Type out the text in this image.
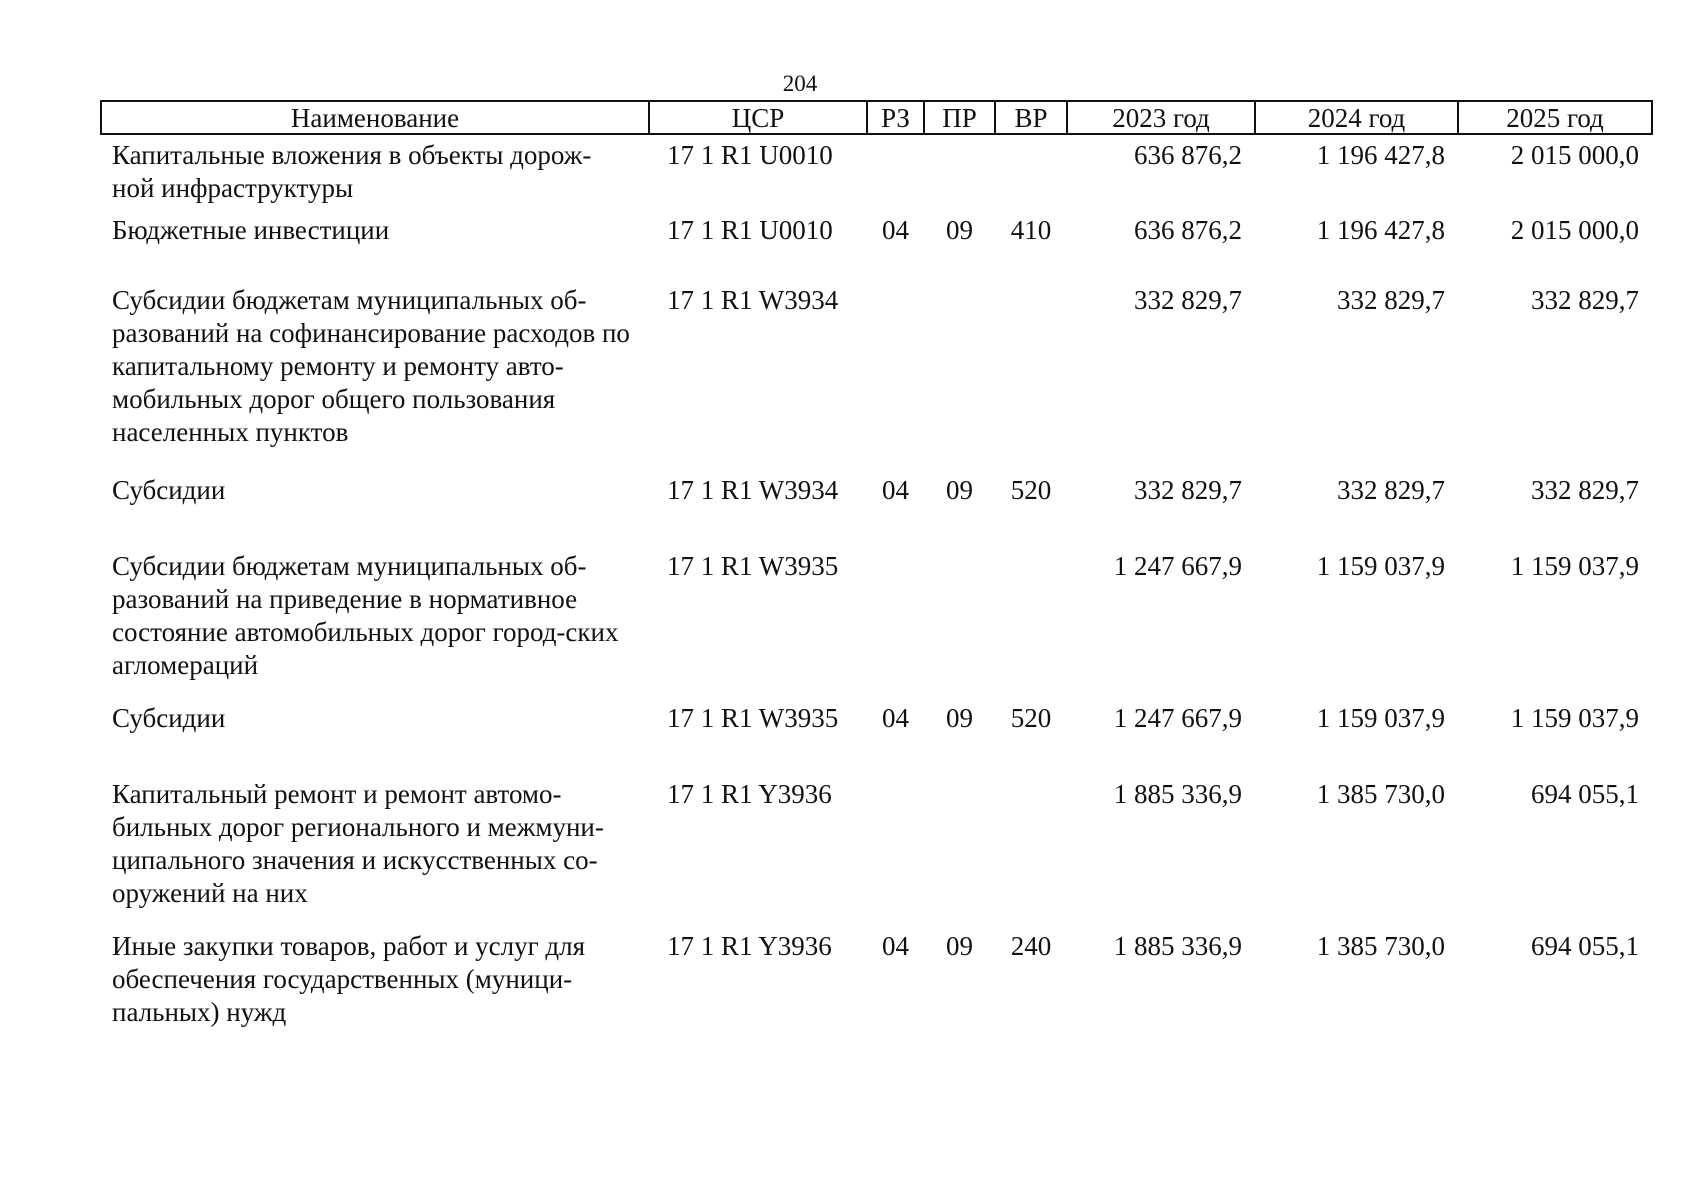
204
Наименование	ЦСР	РЗ	ПР	ВР	2023 год	2024 год	2025 год
Капитальные вложения в объекты дорож-ной инфраструктуры	17 1 R1 U0010				636 876,2	1 196 427,8	2 015 000,0
Бюджетные инвестиции	17 1 R1 U0010	04	09	410	636 876,2	1 196 427,8	2 015 000,0
Субсидии бюджетам муниципальных об-разований на софинансирование расходов по капитальному ремонту и ремонту авто-мобильных дорог общего пользования населенных пунктов	17 1 R1 W3934				332 829,7	332 829,7	332 829,7
Субсидии	17 1 R1 W3934	04	09	520	332 829,7	332 829,7	332 829,7
Субсидии бюджетам муниципальных об-разований на приведение в нормативное состояние автомобильных дорог город-ских агломераций	17 1 R1 W3935				1 247 667,9	1 159 037,9	1 159 037,9
Субсидии	17 1 R1 W3935	04	09	520	1 247 667,9	1 159 037,9	1 159 037,9
Капитальный ремонт и ремонт автомо-бильных дорог регионального и межмуни-ципального значения и искусственных со-оружений на них	17 1 R1 Y3936				1 885 336,9	1 385 730,0	694 055,1
Иные закупки товаров, работ и услуг для обеспечения государственных (муници-пальных) нужд	17 1 R1 Y3936	04	09	240	1 885 336,9	1 385 730,0	694 055,1
